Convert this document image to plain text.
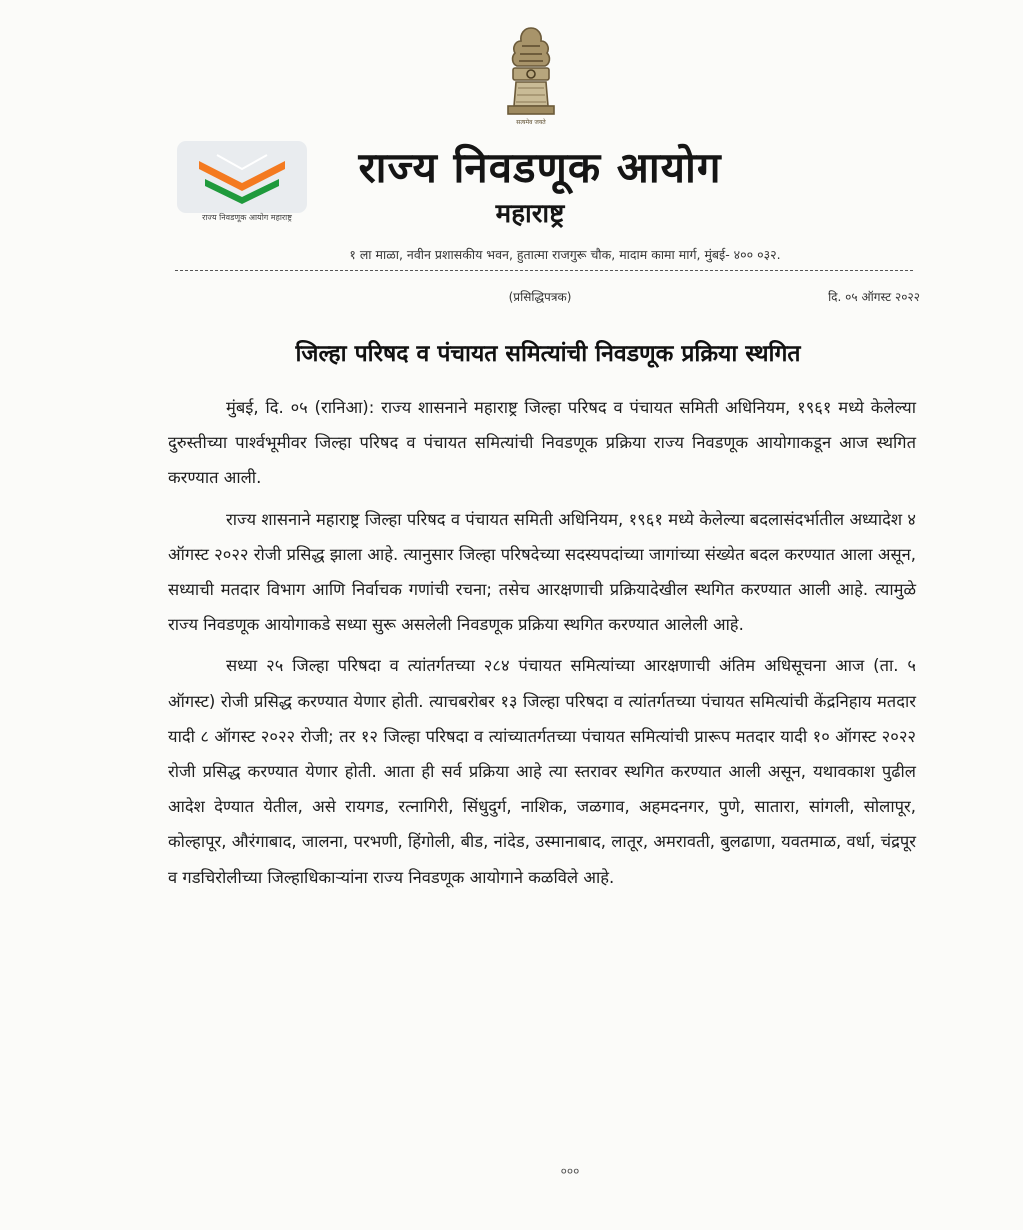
सत्यमेव जयते
राज्य निवडणूक आयोग महाराष्ट्र
राज्य निवडणूक आयोग
महाराष्ट्र
१ ला माळा, नवीन प्रशासकीय भवन, हुतात्मा राजगुरू चौक, मादाम कामा मार्ग, मुंबई- ४०० ०३२.
(प्रसिद्धिपत्रक)	दि. ०५ ऑगस्ट २०२२
जिल्हा परिषद व पंचायत समित्यांची निवडणूक प्रक्रिया स्थगित

मुंबई, दि. ०५ (रानिआ): राज्य शासनाने महाराष्ट्र जिल्हा परिषद व पंचायत समिती अधिनियम, १९६१ मध्ये केलेल्या दुरुस्तीच्या पार्श्वभूमीवर जिल्हा परिषद व पंचायत समित्यांची निवडणूक प्रक्रिया राज्य निवडणूक आयोगाकडून आज स्थगित करण्यात आली.

राज्य शासनाने महाराष्ट्र जिल्हा परिषद व पंचायत समिती अधिनियम, १९६१ मध्ये केलेल्या बदलासंदर्भातील अध्यादेश ४ ऑगस्ट २०२२ रोजी प्रसिद्ध झाला आहे. त्यानुसार जिल्हा परिषदेच्या सदस्यपदांच्या जागांच्या संख्येत बदल करण्यात आला असून, सध्याची मतदार विभाग आणि निर्वाचक गणांची रचना; तसेच आरक्षणाची प्रक्रियादेखील स्थगित करण्यात आली आहे. त्यामुळे राज्य निवडणूक आयोगाकडे सध्या सुरू असलेली निवडणूक प्रक्रिया स्थगित करण्यात आलेली आहे.

सध्या २५ जिल्हा परिषदा व त्यांतर्गतच्या २८४ पंचायत समित्यांच्या आरक्षणाची अंतिम अधिसूचना आज (ता. ५ ऑगस्ट) रोजी प्रसिद्ध करण्यात येणार होती. त्याचबरोबर १३ जिल्हा परिषदा व त्यांतर्गतच्या पंचायत समित्यांची केंद्रनिहाय मतदार यादी ८ ऑगस्ट २०२२ रोजी; तर १२ जिल्हा परिषदा व त्यांच्यातर्गतच्या पंचायत समित्यांची प्रारूप मतदार यादी १० ऑगस्ट २०२२ रोजी प्रसिद्ध करण्यात येणार होती. आता ही सर्व प्रक्रिया आहे त्या स्तरावर स्थगित करण्यात आली असून, यथावकाश पुढील आदेश देण्यात येतील, असे रायगड, रत्नागिरी, सिंधुदुर्ग, नाशिक, जळगाव, अहमदनगर, पुणे, सातारा, सांगली, सोलापूर, कोल्हापूर, औरंगाबाद, जालना, परभणी, हिंगोली, बीड, नांदेड, उस्मानाबाद, लातूर, अमरावती, बुलढाणा, यवतमाळ, वर्धा, चंद्रपूर व गडचिरोलीच्या जिल्हाधिकाऱ्यांना राज्य निवडणूक आयोगाने कळविले आहे.

०००
